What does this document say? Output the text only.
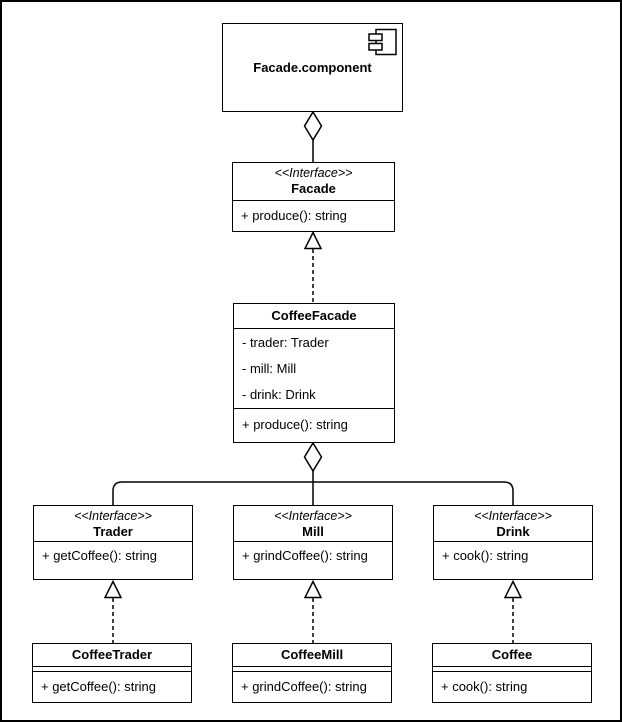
Facade.component
<<Interface>>
Facade
+ produce(): string
CoffeeFacade
- trader: Trader
- mill: Mill
- drink: Drink
+ produce(): string
<<Interface>>
Trader
+ getCoffee(): string
<<Interface>>
Mill
+ grindCoffee(): string
<<Interface>>
Drink
+ cook(): string
CoffeeTrader
+ getCoffee(): string
CoffeeMill
+ grindCoffee(): string
Coffee
+ cook(): string
